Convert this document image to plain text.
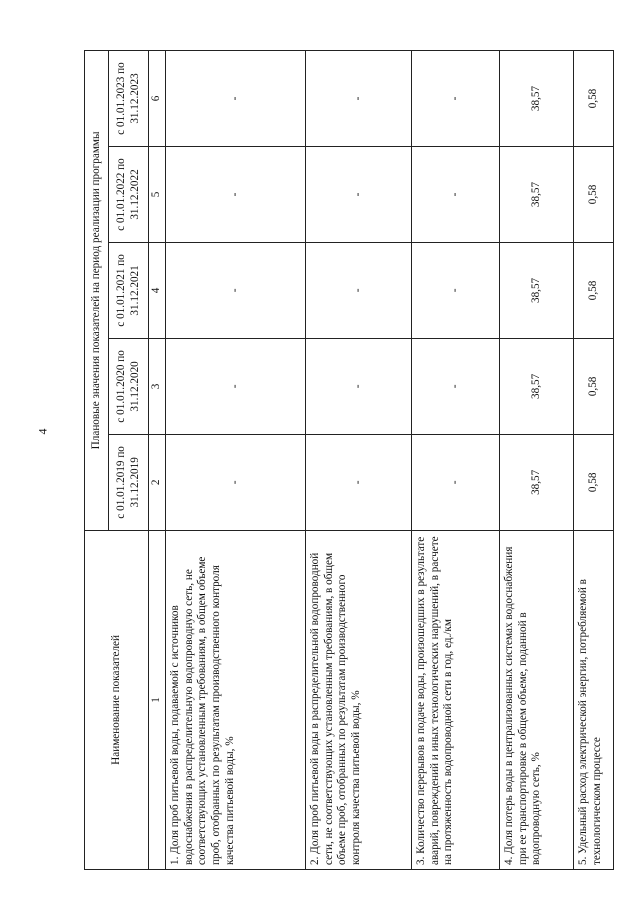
4
Наименование показателей	Плановые значения показателей на период реализации программы				
	с 01.01.2019 по 31.12.2019	с 01.01.2020 по 31.12.2020	с 01.01.2021 по 31.12.2021	с 01.01.2022 по 31.12.2022	с 01.01.2023 по 31.12.2023
1	2	3	4	5	6
1. Доля проб питьевой воды, подаваемой с источников водоснабжения в распределительную водопроводную сеть, не соответствующих установленным требованиям, в общем объеме проб, отобранных по результатам производственного контроля качества питьевой воды, %	-	-	-	-	-
2. Доля проб питьевой воды в распределительной водопроводной сети, не соответствующих установленным требованиям, в общем объеме проб, отобранных по результатам производственного контроля качества питьевой воды, %	-	-	-	-	-
3. Количество перерывов в подаче воды, произошедших в результате аварий, повреждений и иных технологических нарушений, в расчете на протяженность водопроводной сети в год, ед./км	-	-	-	-	-
4. Доля потерь воды в централизованных системах водоснабжения при ее транспортировке в общем объеме, поданной в водопроводную сеть, %	38,57	38,57	38,57	38,57	38,57
5. Удельный расход электрической энергии, потребляемой в технологическом процессе	0,58	0,58	0,58	0,58	0,58
